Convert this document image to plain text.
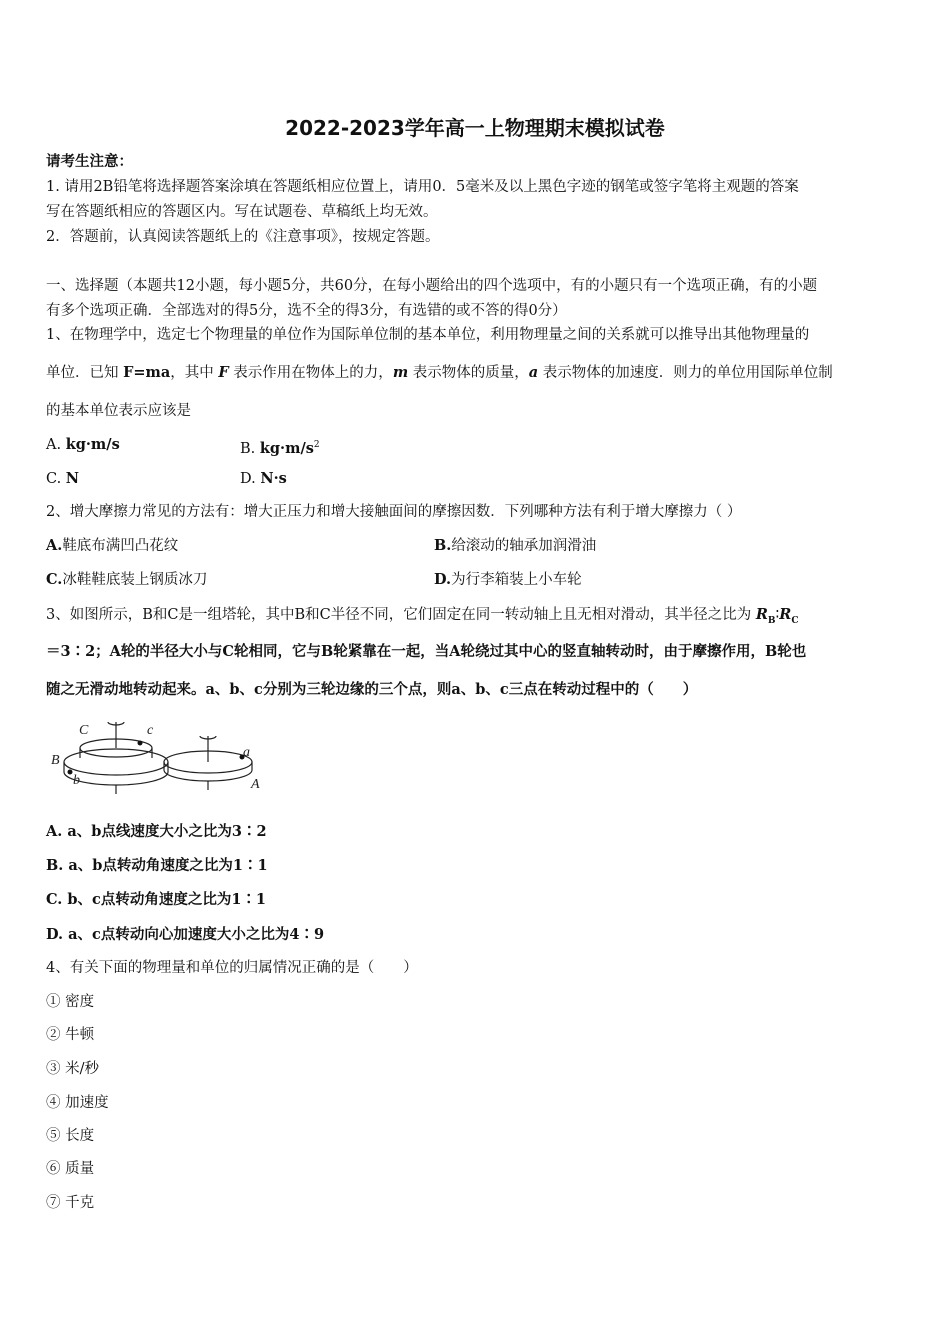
2022-2023学年高一上物理期末模拟试卷
请考生注意：
1. 请用2B铅笔将选择题答案涂填在答题纸相应位置上，请用0．5毫米及以上黑色字迹的钢笔或签字笔将主观题的答案
写在答题纸相应的答题区内。写在试题卷、草稿纸上均无效。
2．答题前，认真阅读答题纸上的《注意事项》，按规定答题。
一、选择题（本题共12小题，每小题5分，共60分，在每小题给出的四个选项中，有的小题只有一个选项正确，有的小题
有多个选项正确．全部选对的得5分，选不全的得3分，有选错的或不答的得0分）
1、在物理学中，选定七个物理量的单位作为国际单位制的基本单位，利用物理量之间的关系就可以推导出其他物理量的
单位．已知 F=ma，其中 F 表示作用在物体上的力，m 表示物体的质量，a 表示物体的加速度．则力的单位用国际单位制
的基本单位表示应该是
A. kg·m/s	B. $kg\cdot m/s^2$
C. N	D. N·s
2、增大摩擦力常见的方法有：增大正压力和增大接触面间的摩擦因数．下列哪种方法有利于增大摩擦力（ ）
A.鞋底布满凹凸花纹	B.给滚动的轴承加润滑油
C.冰鞋鞋底装上钢质冰刀	D.为行李箱装上小车轮
3、如图所示，B和C是一组塔轮，其中B和C半径不同，它们固定在同一转动轴上且无相对滑动，其半径之比为 $R_B∶R_C$
＝3∶2；A轮的半径大小与C轮相同，它与B轮紧靠在一起，当A轮绕过其中心的竖直轴转动时，由于摩擦作用，B轮也
随之无滑动地转动起来。a、b、c分别为三轮边缘的三个点，则a、b、c三点在转动过程中的（　　）
C	c
B
b
a
A
A. a、b点线速度大小之比为3∶2
B. a、b点转动角速度之比为1∶1
C. b、c点转动角速度之比为1∶1
D. a、c点转动向心加速度大小之比为4∶9
4、有关下面的物理量和单位的归属情况正确的是（　　）
① 密度
② 牛顿
③ 米/秒
④ 加速度
⑤ 长度
⑥ 质量
⑦ 千克
